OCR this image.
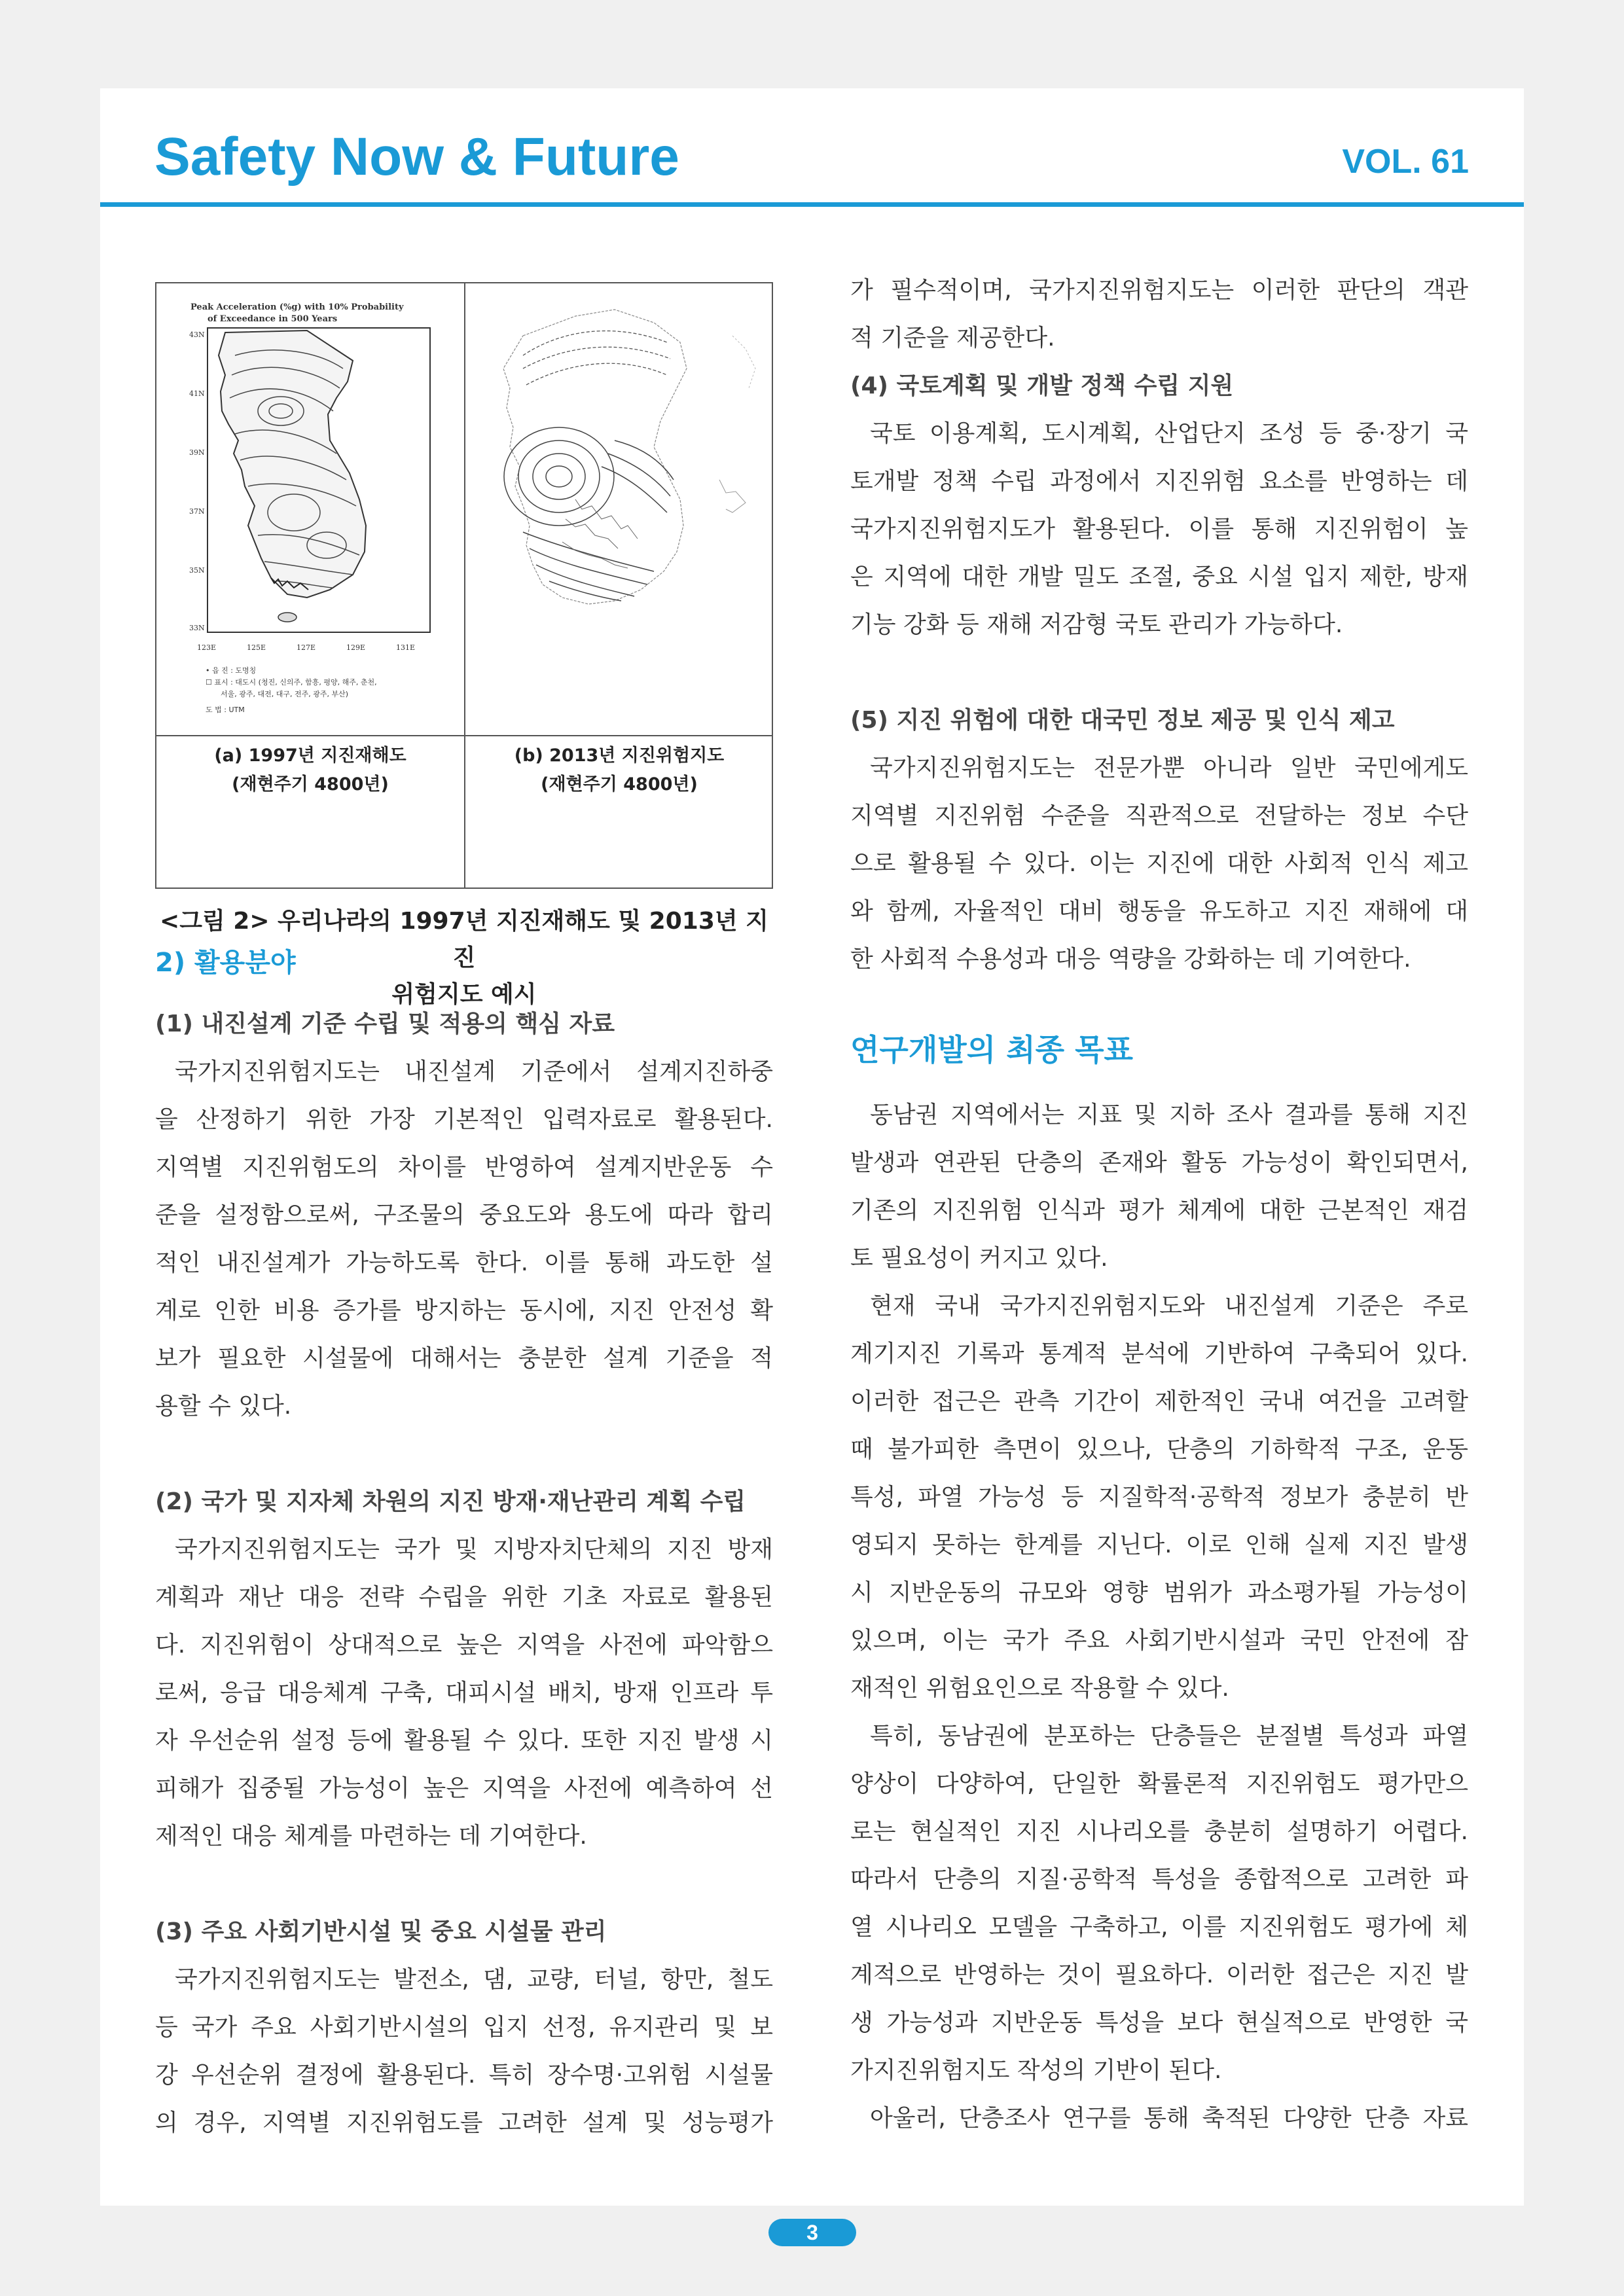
Safety Now & Future	VOL. 61
Peak Acceleration (%g) with 10% Probability
of Exceedance in 500 Years
43N
41N
39N
37N
35N
33N
123E	125E	127E	129E	131E
• 읍 진 : 도명칭
☐ 표시 : 대도시 (청진, 신의주, 함흥, 평양, 해주, 춘천,
서울, 광주, 대전, 대구, 전주, 광주, 부산)
도 법 : UTM
(a) 1997년 지진재해도
(재현주기 4800년)
(b) 2013년 지진위험지도
(재현주기 4800년)
<그림 2> 우리나라의 1997년 지진재해도 및 2013년 지진
위험지도 예시
2) 활용분야
(1) 내진설계 기준 수립 및 적용의 핵심 자료
국가지진위험지도는 내진설계 기준에서 설계지진하중
을 산정하기 위한 가장 기본적인 입력자료로 활용된다.
지역별 지진위험도의 차이를 반영하여 설계지반운동 수
준을 설정함으로써, 구조물의 중요도와 용도에 따라 합리
적인 내진설계가 가능하도록 한다. 이를 통해 과도한 설
계로 인한 비용 증가를 방지하는 동시에, 지진 안전성 확
보가 필요한 시설물에 대해서는 충분한 설계 기준을 적
용할 수 있다.
(2) 국가 및 지자체 차원의 지진 방재·재난관리 계획 수립
국가지진위험지도는 국가 및 지방자치단체의 지진 방재
계획과 재난 대응 전략 수립을 위한 기초 자료로 활용된
다. 지진위험이 상대적으로 높은 지역을 사전에 파악함으
로써, 응급 대응체계 구축, 대피시설 배치, 방재 인프라 투
자 우선순위 설정 등에 활용될 수 있다. 또한 지진 발생 시
피해가 집중될 가능성이 높은 지역을 사전에 예측하여 선
제적인 대응 체계를 마련하는 데 기여한다.
(3) 주요 사회기반시설 및 중요 시설물 관리
국가지진위험지도는 발전소, 댐, 교량, 터널, 항만, 철도
등 국가 주요 사회기반시설의 입지 선정, 유지관리 및 보
강 우선순위 결정에 활용된다. 특히 장수명·고위험 시설물
의 경우, 지역별 지진위험도를 고려한 설계 및 성능평가
가 필수적이며, 국가지진위험지도는 이러한 판단의 객관
적 기준을 제공한다.
(4) 국토계획 및 개발 정책 수립 지원
국토 이용계획, 도시계획, 산업단지 조성 등 중·장기 국
토개발 정책 수립 과정에서 지진위험 요소를 반영하는 데
국가지진위험지도가 활용된다. 이를 통해 지진위험이 높
은 지역에 대한 개발 밀도 조절, 중요 시설 입지 제한, 방재
기능 강화 등 재해 저감형 국토 관리가 가능하다.
(5) 지진 위험에 대한 대국민 정보 제공 및 인식 제고
국가지진위험지도는 전문가뿐 아니라 일반 국민에게도
지역별 지진위험 수준을 직관적으로 전달하는 정보 수단
으로 활용될 수 있다. 이는 지진에 대한 사회적 인식 제고
와 함께, 자율적인 대비 행동을 유도하고 지진 재해에 대
한 사회적 수용성과 대응 역량을 강화하는 데 기여한다.
연구개발의 최종 목표
동남권 지역에서는 지표 및 지하 조사 결과를 통해 지진
발생과 연관된 단층의 존재와 활동 가능성이 확인되면서,
기존의 지진위험 인식과 평가 체계에 대한 근본적인 재검
토 필요성이 커지고 있다.
현재 국내 국가지진위험지도와 내진설계 기준은 주로
계기지진 기록과 통계적 분석에 기반하여 구축되어 있다.
이러한 접근은 관측 기간이 제한적인 국내 여건을 고려할
때 불가피한 측면이 있으나, 단층의 기하학적 구조, 운동
특성, 파열 가능성 등 지질학적·공학적 정보가 충분히 반
영되지 못하는 한계를 지닌다. 이로 인해 실제 지진 발생
시 지반운동의 규모와 영향 범위가 과소평가될 가능성이
있으며, 이는 국가 주요 사회기반시설과 국민 안전에 잠
재적인 위험요인으로 작용할 수 있다.
특히, 동남권에 분포하는 단층들은 분절별 특성과 파열
양상이 다양하여, 단일한 확률론적 지진위험도 평가만으
로는 현실적인 지진 시나리오를 충분히 설명하기 어렵다.
따라서 단층의 지질·공학적 특성을 종합적으로 고려한 파
열 시나리오 모델을 구축하고, 이를 지진위험도 평가에 체
계적으로 반영하는 것이 필요하다. 이러한 접근은 지진 발
생 가능성과 지반운동 특성을 보다 현실적으로 반영한 국
가지진위험지도 작성의 기반이 된다.
아울러, 단층조사 연구를 통해 축적된 다양한 단층 자료
3
